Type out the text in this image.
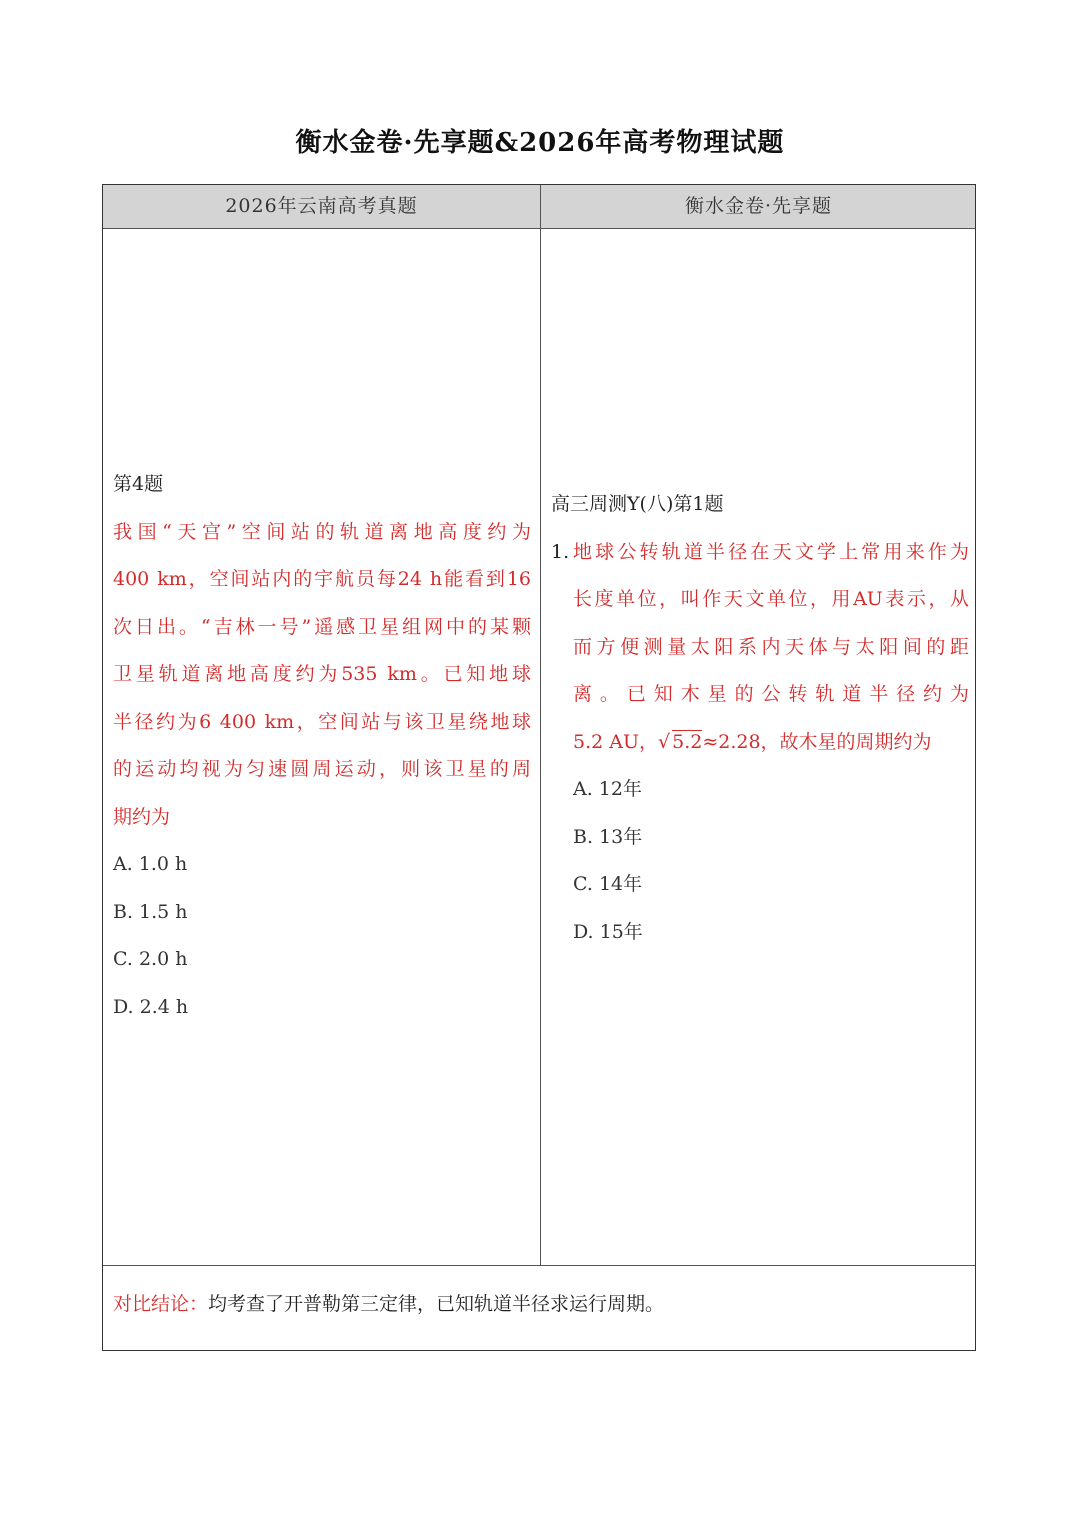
衡水金卷·先享题&2026年高考物理试题
2026年云南高考真题	衡水金卷·先享题
第4题
我国“天宫”空间站的轨道离地高度约为
400 km，空间站内的宇航员每24 h能看到16
次日出。“吉林一号”遥感卫星组网中的某颗
卫星轨道离地高度约为535 km。已知地球
半径约为6 400 km，空间站与该卫星绕地球
的运动均视为匀速圆周运动，则该卫星的周
期约为
A. 1.0 h
B. 1.5 h
C. 2.0 h
D. 2.4 h
高三周测Y(八)第1题
1. 地球公转轨道半径在天文学上常用来作为
长度单位，叫作天文单位，用AU表示，从
而方便测量太阳系内天体与太阳间的距
离。已知木星的公转轨道半径约为
5.2 AU，√ 5.2≈2.28，故木星的周期约为
A. 12年
B. 13年
C. 14年
D. 15年
对比结论：均考查了开普勒第三定律，已知轨道半径求运行周期。
